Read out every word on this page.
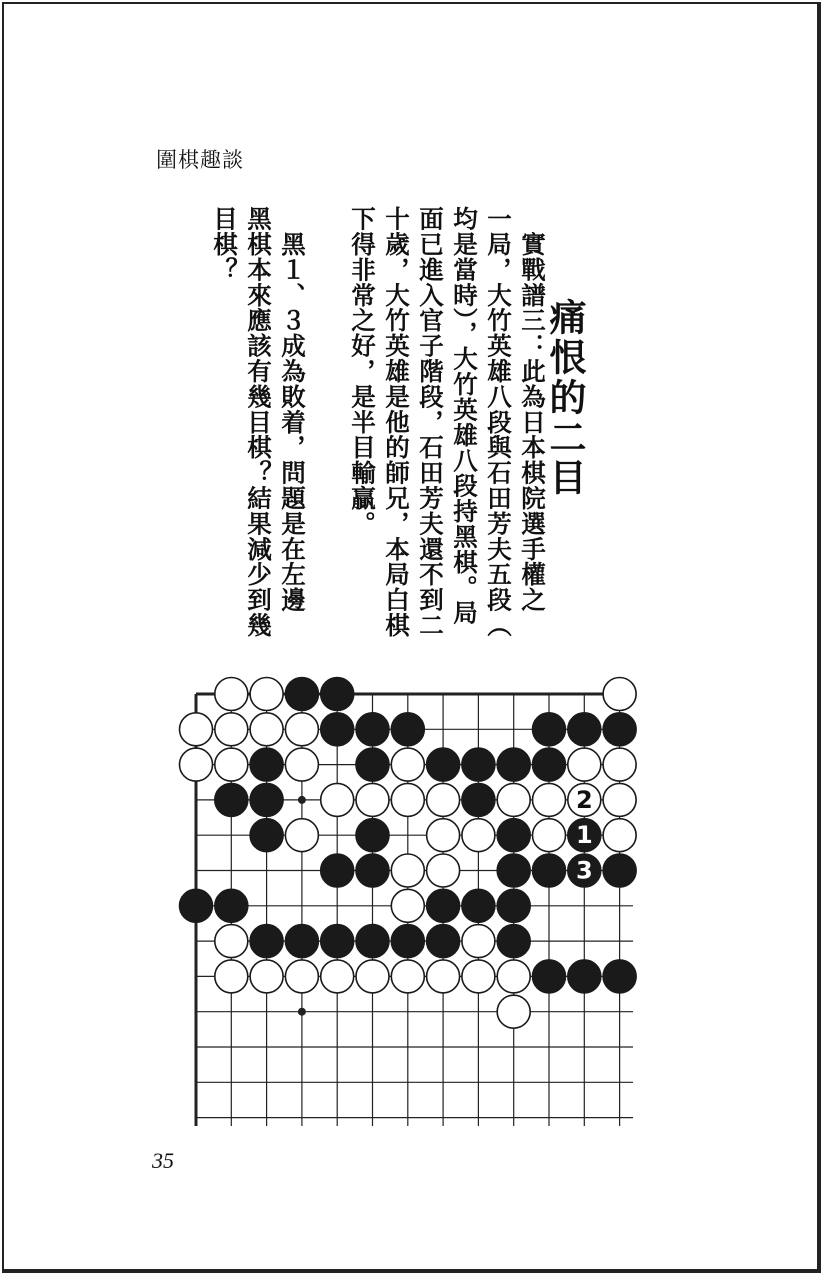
圍棋趣談
痛恨的二目
　實戰譜三：此為日本棋院選手權之
一局，大竹英雄八段與石田芳夫五段（
均是當時），大竹英雄八段持黑棋。局
面已進入官子階段，石田芳夫還不到二
十歲，大竹英雄是他的師兄，本局白棋
下得非常之好，是半目輸贏。
　黑１、３成為敗着，問題是在左邊
黑棋本來應該有幾目棋？結果減少到幾
目棋？
2
1
3
35
